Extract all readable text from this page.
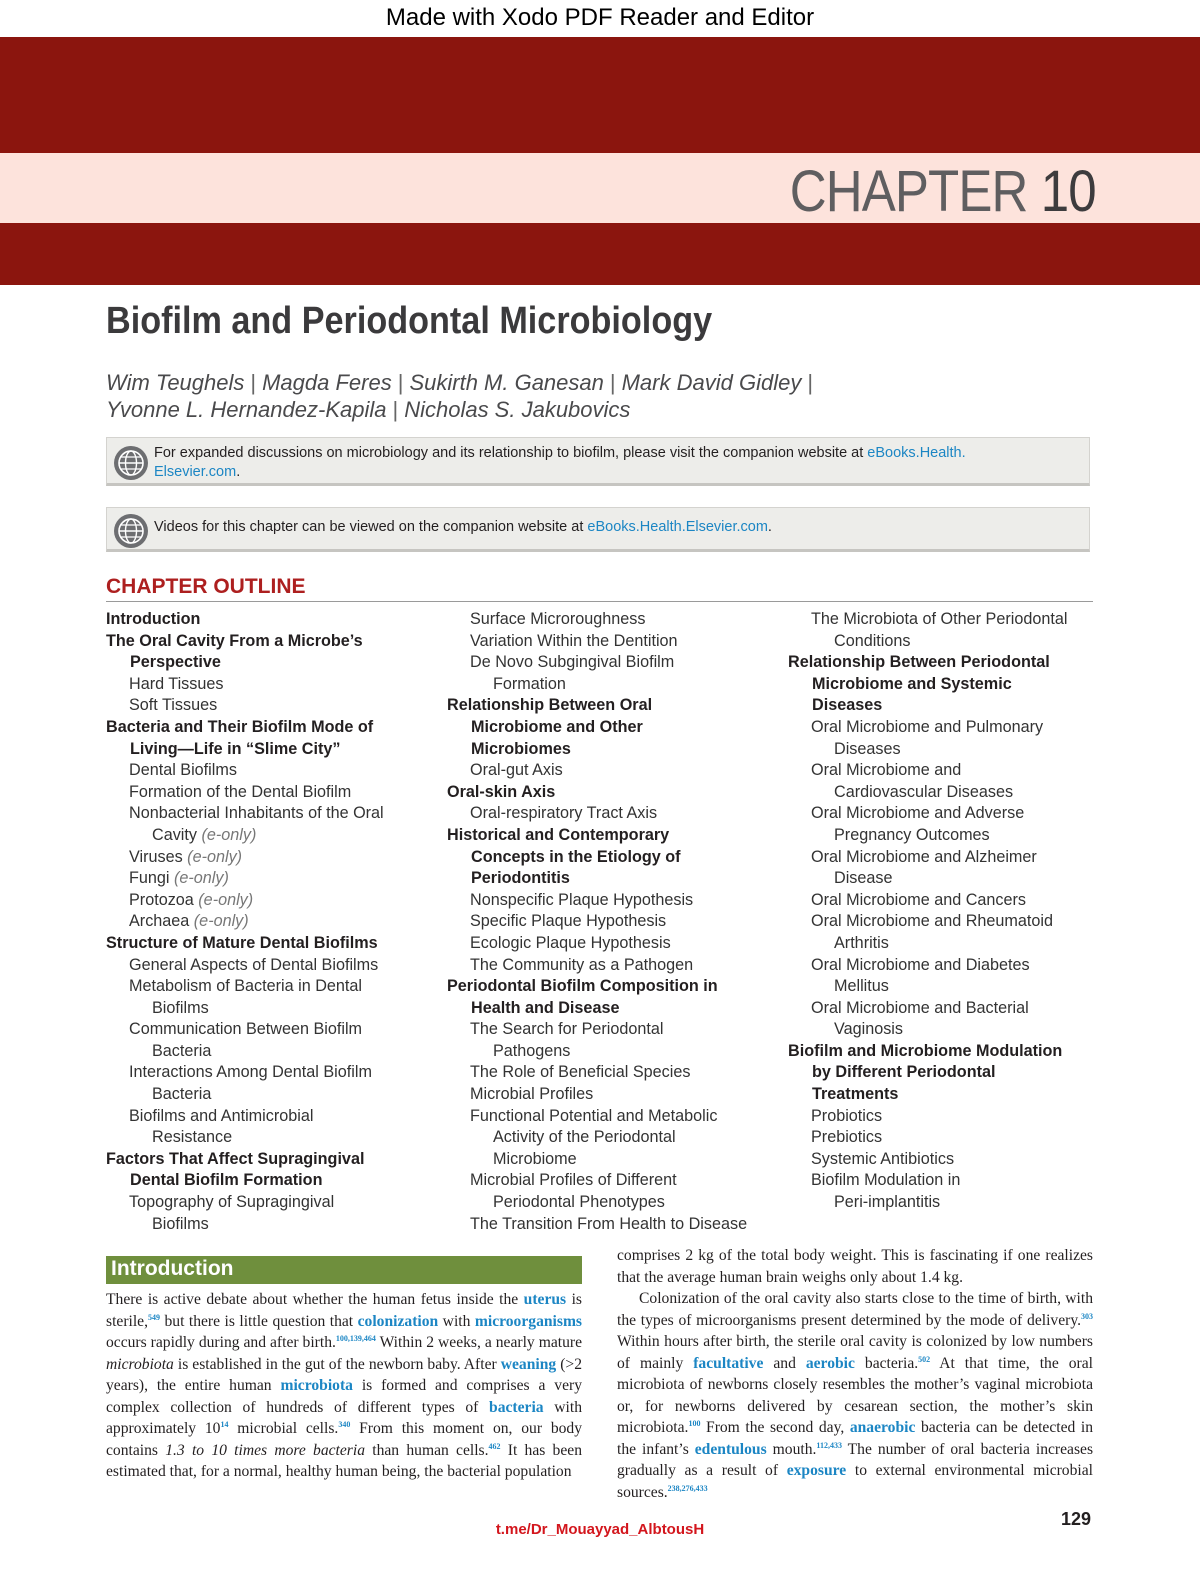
Made with Xodo PDF Reader and Editor
CHAPTER 10
Biofilm and Periodontal Microbiology
Wim Teughels | Magda Feres | Sukirth M. Ganesan | Mark David Gidley |
Yvonne L. Hernandez-Kapila | Nicholas S. Jakubovics
For expanded discussions on microbiology and its relationship to biofilm, please visit the companion website at eBooks.Health.
Elsevier.com.
Videos for this chapter can be viewed on the companion website at eBooks.Health.Elsevier.com.
CHAPTER OUTLINE
Introduction
The Oral Cavity From a Microbe’s
Perspective
Hard Tissues
Soft Tissues
Bacteria and Their Biofilm Mode of
Living—Life in “Slime City”
Dental Biofilms
Formation of the Dental Biofilm
Nonbacterial Inhabitants of the Oral
Cavity (e-only)
Viruses (e-only)
Fungi (e-only)
Protozoa (e-only)
Archaea (e-only)
Structure of Mature Dental Biofilms
General Aspects of Dental Biofilms
Metabolism of Bacteria in Dental
Biofilms
Communication Between Biofilm
Bacteria
Interactions Among Dental Biofilm
Bacteria
Biofilms and Antimicrobial
Resistance
Factors That Affect Supragingival
Dental Biofilm Formation
Topography of Supragingival
Biofilms
Surface Microroughness
Variation Within the Dentition
De Novo Subgingival Biofilm
Formation
Relationship Between Oral
Microbiome and Other
Microbiomes
Oral-gut Axis
Oral-skin Axis
Oral-respiratory Tract Axis
Historical and Contemporary
Concepts in the Etiology of
Periodontitis
Nonspecific Plaque Hypothesis
Specific Plaque Hypothesis
Ecologic Plaque Hypothesis
The Community as a Pathogen
Periodontal Biofilm Composition in
Health and Disease
The Search for Periodontal
Pathogens
The Role of Beneficial Species
Microbial Profiles
Functional Potential and Metabolic
Activity of the Periodontal
Microbiome
Microbial Profiles of Different
Periodontal Phenotypes
The Transition From Health to Disease
The Microbiota of Other Periodontal
Conditions
Relationship Between Periodontal
Microbiome and Systemic
Diseases
Oral Microbiome and Pulmonary
Diseases
Oral Microbiome and
Cardiovascular Diseases
Oral Microbiome and Adverse
Pregnancy Outcomes
Oral Microbiome and Alzheimer
Disease
Oral Microbiome and Cancers
Oral Microbiome and Rheumatoid
Arthritis
Oral Microbiome and Diabetes
Mellitus
Oral Microbiome and Bacterial
Vaginosis
Biofilm and Microbiome Modulation
by Different Periodontal
Treatments
Probiotics
Prebiotics
Systemic Antibiotics
Biofilm Modulation in
Peri-implantitis
Introduction

There is active debate about whether the human fetus inside the uterus is sterile,$^{549}$ but there is little question that colonization with microorganisms occurs rapidly during and after birth.$^{100,139,464}$ Within 2 weeks, a nearly mature microbiota is established in the gut of the newborn baby. After weaning (>2 years), the entire human microbiota is formed and comprises a very complex collection of hundreds of different types of bacteria with approximately $10^{14}$ microbial cells.$^{340}$ From this moment on, our body contains 1.3 to 10 times more bacteria than human cells.$^{462}$ It has been estimated that, for a normal, healthy human being, the bacterial population

comprises 2 kg of the total body weight. This is fascinating if one realizes that the average human brain weighs only about 1.4 kg.

Colonization of the oral cavity also starts close to the time of birth, with the types of microorganisms present determined by the mode of delivery.$^{303}$ Within hours after birth, the sterile oral cavity is colonized by low numbers of mainly facultative and aerobic bacteria.$^{502}$ At that time, the oral microbiota of newborns closely resembles the mother’s vaginal microbiota or, for newborns delivered by cesarean section, the mother’s skin microbiota.$^{100}$ From the second day, anaerobic bacteria can be detected in the infant’s edentulous mouth.$^{112,433}$ The number of oral bacteria increases gradually as a result of exposure to external environmental microbial sources.$^{238,276,433}$

129
t.me/Dr_Mouayyad_AlbtousH
